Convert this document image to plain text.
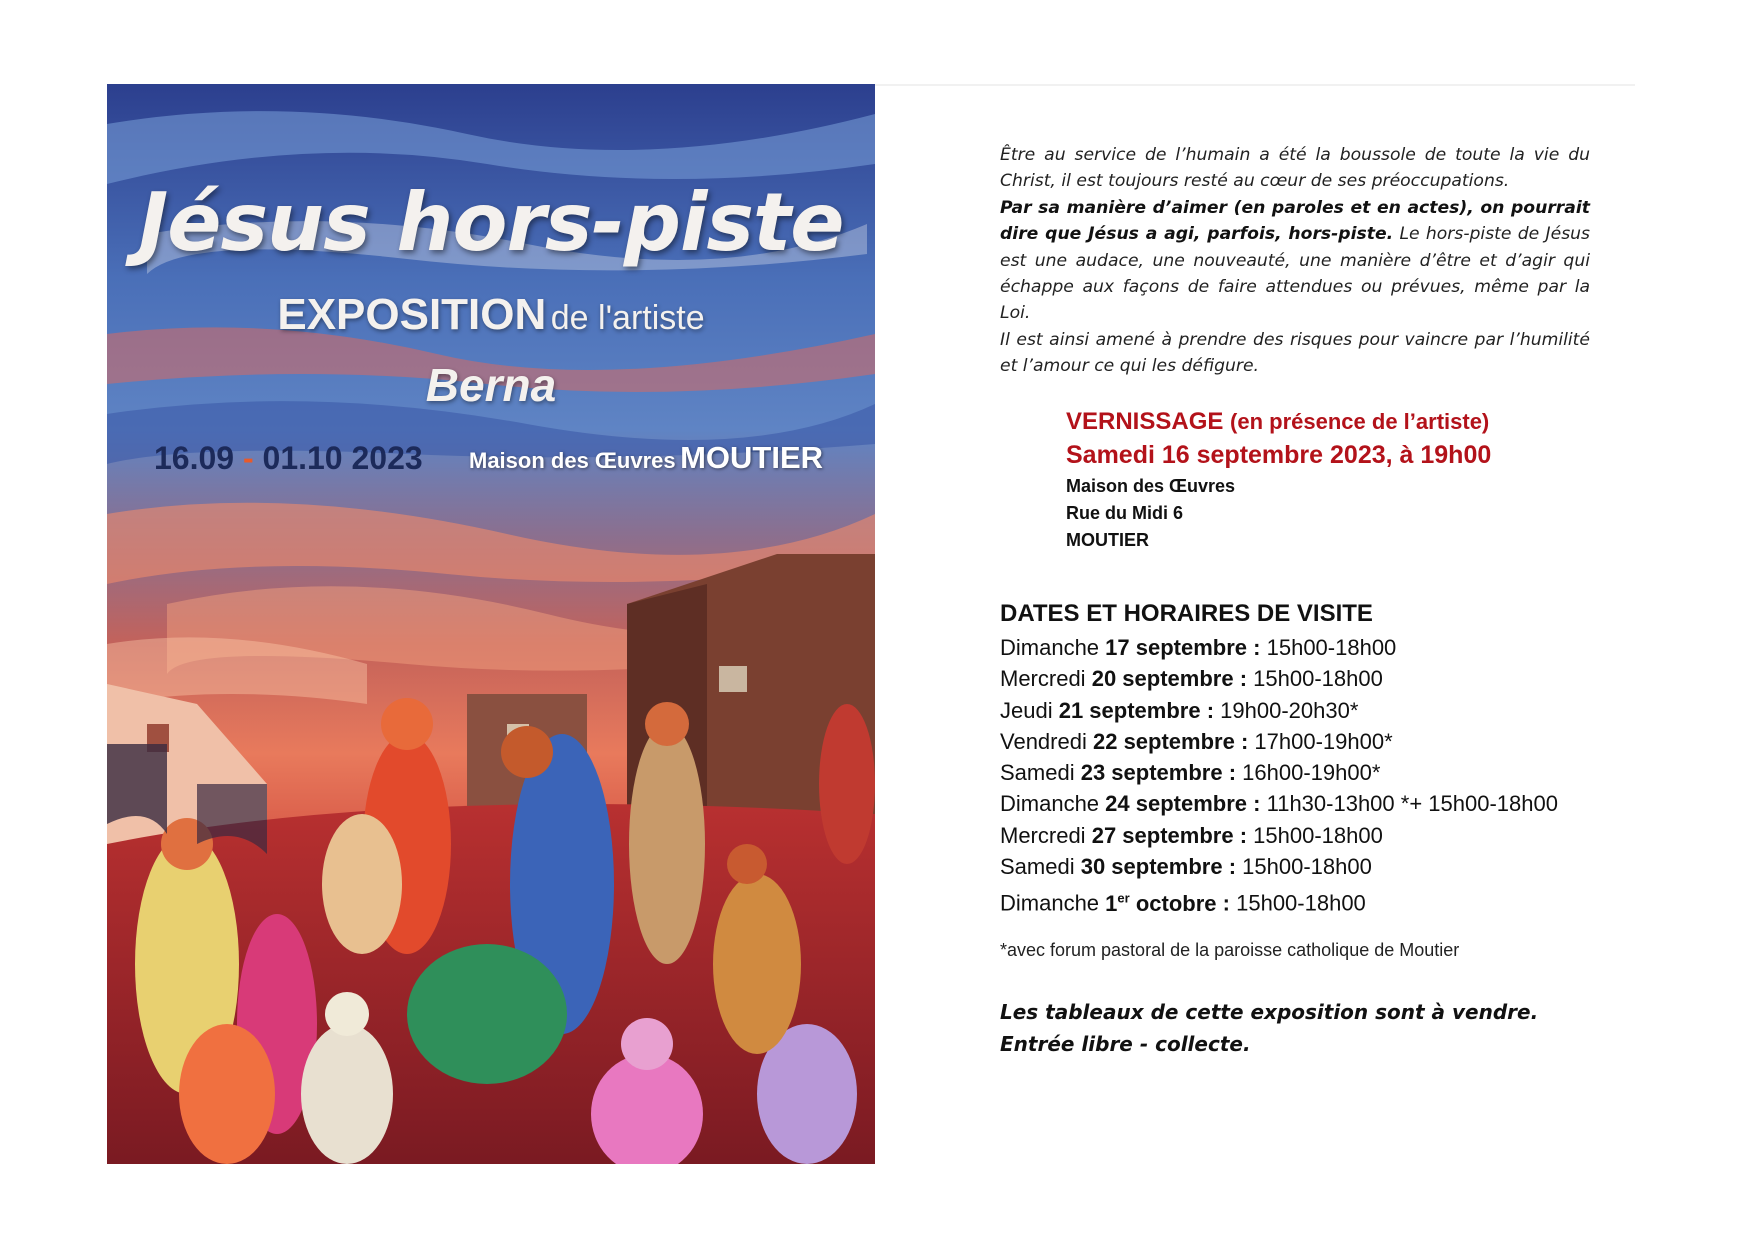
Jésus hors-piste
EXPOSITION de l'artiste
Berna
16.09 - 01.10 2023 Maison des Œuvres MOUTIER

Être au service de l’humain a été la boussole de toute la vie du Christ, il est toujours resté au cœur de ses préoccupations.
Par sa manière d’aimer (en paroles et en actes), on pourrait dire que Jésus a agi, parfois, hors-piste. Le hors-piste de Jésus est une audace, une nouveauté, une manière d’être et d’agir qui échappe aux façons de faire attendues ou prévues, même par la Loi.
Il est ainsi amené à prendre des risques pour vaincre par l’humilité et l’amour ce qui les défigure.

VERNISSAGE (en présence de l’artiste)
Samedi 16 septembre 2023, à 19h00
Maison des Œuvres
Rue du Midi 6
MOUTIER
DATES ET HORAIRES DE VISITE
Dimanche 17 septembre : 15h00-18h00
Mercredi 20 septembre : 15h00-18h00
Jeudi 21 septembre : 19h00-20h30*
Vendredi 22 septembre : 17h00-19h00*
Samedi 23 septembre : 16h00-19h00*
Dimanche 24 septembre : 11h30-13h00 *+ 15h00-18h00
Mercredi 27 septembre : 15h00-18h00
Samedi 30 septembre : 15h00-18h00
Dimanche 1er octobre : 15h00-18h00
*avec forum pastoral de la paroisse catholique de Moutier
Les tableaux de cette exposition sont à vendre.
Entrée libre - collecte.
